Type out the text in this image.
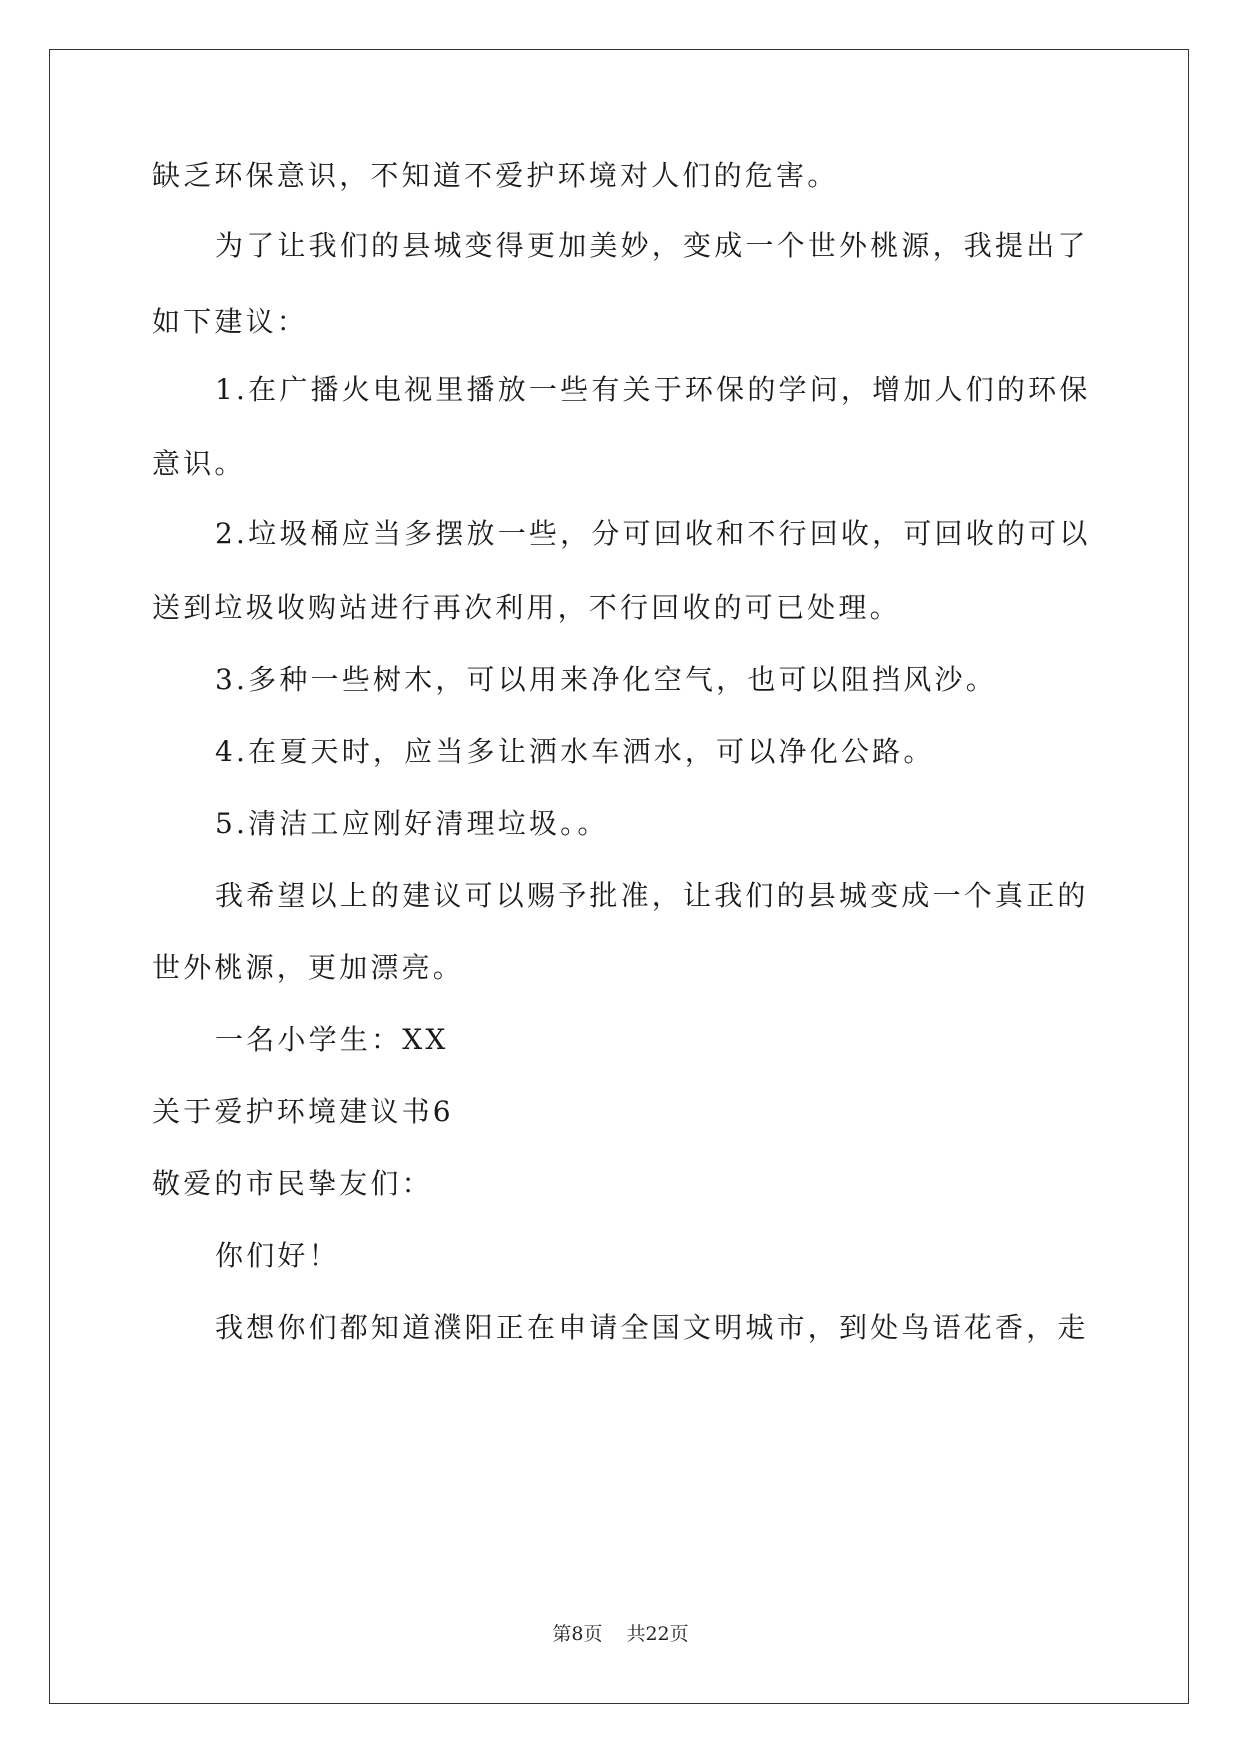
缺乏环保意识，不知道不爱护环境对人们的危害。

为了让我们的县城变得更加美妙，变成一个世外桃源，我提出了

如下建议：

1.在广播火电视里播放一些有关于环保的学问，增加人们的环保

意识。

2.垃圾桶应当多摆放一些，分可回收和不行回收，可回收的可以

送到垃圾收购站进行再次利用，不行回收的可已处理。

3.多种一些树木，可以用来净化空气，也可以阻挡风沙。

4.在夏天时，应当多让洒水车洒水，可以净化公路。

5.清洁工应刚好清理垃圾。。

我希望以上的建议可以赐予批准，让我们的县城变成一个真正的

世外桃源，更加漂亮。

一名小学生：XX

关于爱护环境建议书6

敬爱的市民挚友们：

你们好！

我想你们都知道濮阳正在申请全国文明城市，到处鸟语花香，走

第8页 共22页
